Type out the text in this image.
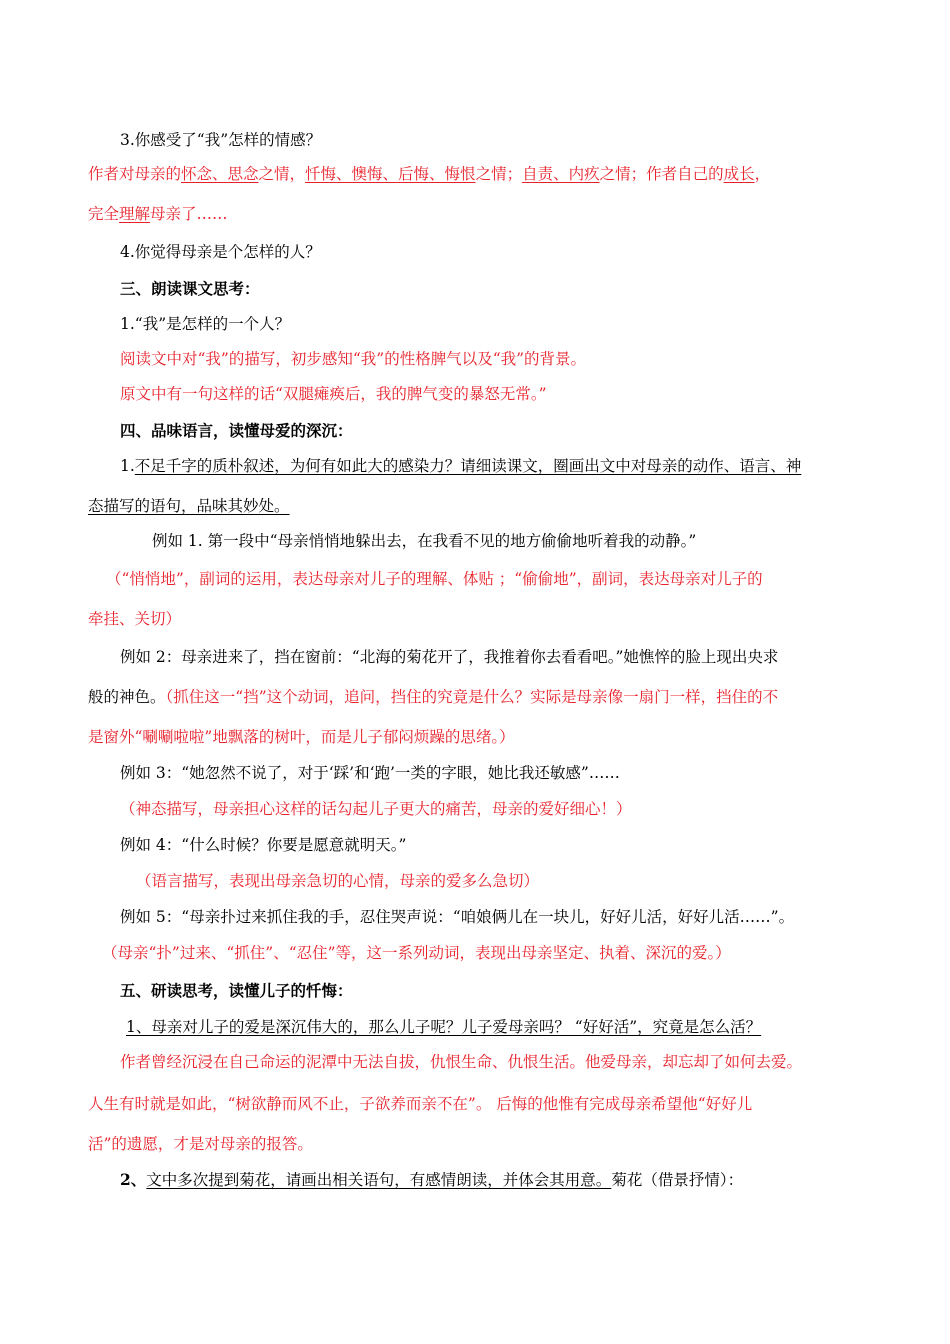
3.你感受了“我”怎样的情感？
作者对母亲的怀念、思念之情，忏悔、懊悔、后悔、悔恨之情；自责、内疚之情；作者自己的成长，
完全理解母亲了……
4.你觉得母亲是个怎样的人？
三、朗读课文思考：
1.“我”是怎样的一个人？
阅读文中对“我”的描写，初步感知“我”的性格脾气以及“我”的背景。
原文中有一句这样的话“双腿瘫痪后，我的脾气变的暴怒无常。”
四、品味语言，读懂母爱的深沉：
1.不足千字的质朴叙述，为何有如此大的感染力？请细读课文，圈画出文中对母亲的动作、语言、神
态描写的语句，品味其妙处。
例如 1. 第一段中“母亲悄悄地躲出去，在我看不见的地方偷偷地听着我的动静。”
（“悄悄地”，副词的运用，表达母亲对儿子的理解、体贴 ；“偷偷地”，副词，表达母亲对儿子的
牵挂、关切）
例如 2：母亲进来了，挡在窗前：“北海的菊花开了，我推着你去看看吧。”她憔悴的脸上现出央求
般的神色。（抓住这一“挡”这个动词，追问，挡住的究竟是什么？实际是母亲像一扇门一样，挡住的不
是窗外“唰唰啦啦”地飘落的树叶，而是儿子郁闷烦躁的思绪。）
例如 3：“她忽然不说了，对于‘踩’和‘跑’一类的字眼，她比我还敏感”……
（神态描写，母亲担心这样的话勾起儿子更大的痛苦，母亲的爱好细心！）
例如 4：“什么时候？你要是愿意就明天。”
（语言描写，表现出母亲急切的心情，母亲的爱多么急切）
例如 5：“母亲扑过来抓住我的手，忍住哭声说：“咱娘俩儿在一块儿，好好儿活，好好儿活……”。
（母亲“扑”过来、“抓住”、“忍住”等，这一系列动词，表现出母亲坚定、执着、深沉的爱。）
五、研读思考，读懂儿子的忏悔：
1、母亲对儿子的爱是深沉伟大的，那么儿子呢？儿子爱母亲吗？ “好好活”，究竟是怎么活？
作者曾经沉浸在自己命运的泥潭中无法自拔，仇恨生命、仇恨生活。他爱母亲，却忘却了如何去爱。
人生有时就是如此，“树欲静而风不止，子欲养而亲不在”。 后悔的他惟有完成母亲希望他“好好儿
活”的遗愿，才是对母亲的报答。
2、文中多次提到菊花，请画出相关语句，有感情朗读，并体会其用意。菊花（借景抒情）：
